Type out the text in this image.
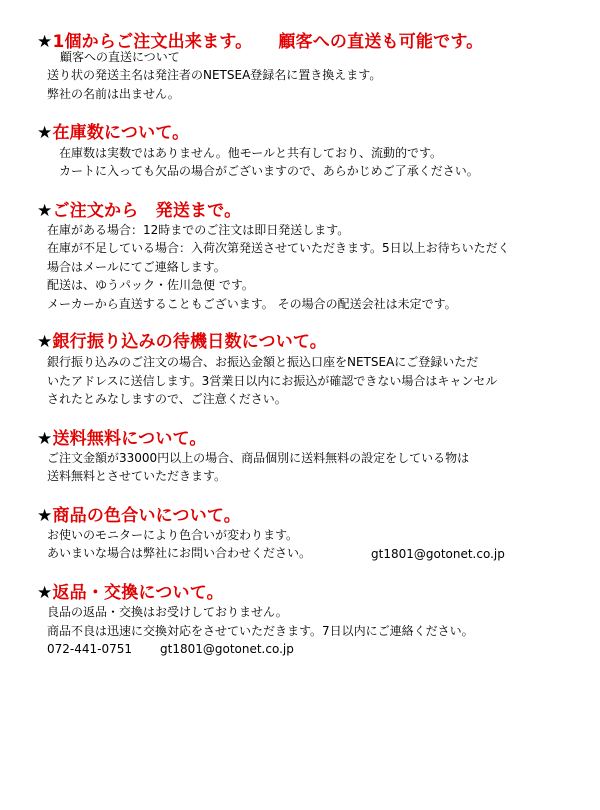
★1個からご注文出来ます。 顧客への直送も可能です。
顧客への直送について
送り状の発送主名は発注者のNETSEA登録名に置き換えます。
弊社の名前は出ません。
★在庫数について。
在庫数は実数ではありません。他モールと共有しており、流動的です。
カートに入っても欠品の場合がございますので、あらかじめご了承ください。
★ご注文から　発送まで。
在庫がある場合：12時までのご注文は即日発送します。
在庫が不足している場合：入荷次第発送させていただきます。5日以上お待ちいただく
場合はメールにてご連絡します。
配送は、ゆうパック・佐川急便 です。
メーカーから直送することもございます。 その場合の配送会社は未定です。
★銀行振り込みの待機日数について。
銀行振り込みのご注文の場合、お振込金額と振込口座をNETSEAにご登録いただ
いたアドレスに送信します。3営業日以内にお振込が確認できない場合はキャンセル
されたとみなしますので、ご注意ください。
★送料無料について。
ご注文金額が33000円以上の場合、商品個別に送料無料の設定をしている物は
送料無料とさせていただきます。
★商品の色合いについて。
お使いのモニターにより色合いが変わります。
あいまいな場合は弊社にお問い合わせください。	gt1801@gotonet.co.jp
★返品・交換について。
良品の返品・交換はお受けしておりません。
商品不良は迅速に交換対応をさせていただきます。7日以内にご連絡ください。
072-441-0751 gt1801@gotonet.co.jp
